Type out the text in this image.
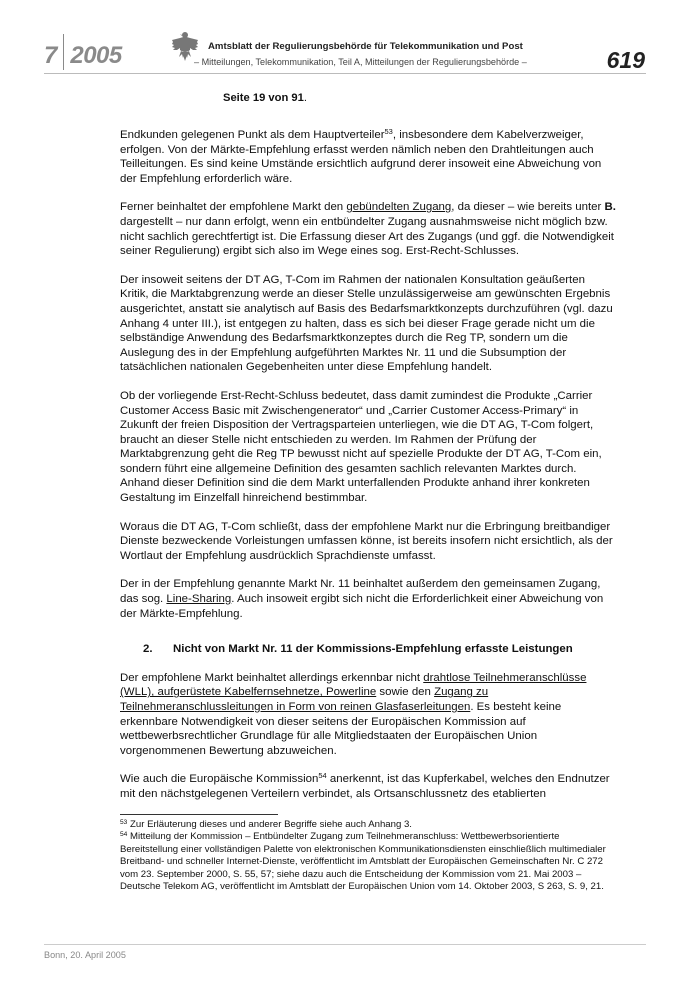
7 2005	Amtsblatt der Regulierungsbehörde für Telekommunikation und Post
– Mitteilungen, Telekommunikation, Teil A, Mitteilungen der Regulierungsbehörde –	619
Seite 19 von 91.

Endkunden gelegenen Punkt als dem Hauptverteiler$^{53}$, insbesondere dem Kabelverzweiger, erfolgen. Von der Märkte-Empfehlung erfasst werden nämlich neben den Drahtleitungen auch Teilleitungen. Es sind keine Umstände ersichtlich aufgrund derer insoweit eine Abweichung von der Empfehlung erforderlich wäre.

Ferner beinhaltet der empfohlene Markt den gebündelten Zugang, da dieser – wie bereits unter B. dargestellt – nur dann erfolgt, wenn ein entbündelter Zugang ausnahmsweise nicht möglich bzw. nicht sachlich gerechtfertigt ist. Die Erfassung dieser Art des Zugangs (und ggf. die Notwendigkeit seiner Regulierung) ergibt sich also im Wege eines sog. Erst-Recht-Schlusses.

Der insoweit seitens der DT AG, T-Com im Rahmen der nationalen Konsultation geäußerten Kritik, die Marktabgrenzung werde an dieser Stelle unzulässigerweise am gewünschten Ergebnis ausgerichtet, anstatt sie analytisch auf Basis des Bedarfsmarktkonzepts durchzuführen (vgl. dazu Anhang 4 unter III.), ist entgegen zu halten, dass es sich bei dieser Frage gerade nicht um die selbständige Anwendung des Bedarfsmarktkonzeptes durch die Reg TP, sondern um die Auslegung des in der Empfehlung aufgeführten Marktes Nr. 11 und die Subsumption der tatsächlichen nationalen Gegebenheiten unter diese Empfehlung handelt.

Ob der vorliegende Erst-Recht-Schluss bedeutet, dass damit zumindest die Produkte „Carrier Customer Access Basic mit Zwischengenerator“ und „Carrier Customer Access-Primary“ in Zukunft der freien Disposition der Vertragsparteien unterliegen, wie die DT AG, T-Com folgert, braucht an dieser Stelle nicht entschieden zu werden. Im Rahmen der Prüfung der Marktabgrenzung geht die Reg TP bewusst nicht auf spezielle Produkte der DT AG, T-Com ein, sondern führt eine allgemeine Definition des gesamten sachlich relevanten Marktes durch. Anhand dieser Definition sind die dem Markt unterfallenden Produkte anhand ihrer konkreten Gestaltung im Einzelfall hinreichend bestimmbar.

Woraus die DT AG, T-Com schließt, dass der empfohlene Markt nur die Erbringung breitbandiger Dienste bezweckende Vorleistungen umfassen könne, ist bereits insofern nicht ersichtlich, als der Wortlaut der Empfehlung ausdrücklich Sprachdienste umfasst.

Der in der Empfehlung genannte Markt Nr. 11 beinhaltet außerdem den gemeinsamen Zugang, das sog. Line-Sharing. Auch insoweit ergibt sich nicht die Erforderlichkeit einer Abweichung von der Märkte-Empfehlung.

2.	Nicht von Markt Nr. 11 der Kommissions-Empfehlung erfasste Leistungen

Der empfohlene Markt beinhaltet allerdings erkennbar nicht drahtlose Teilnehmeranschlüsse (WLL), aufgerüstete Kabelfernsehnetze, Powerline sowie den Zugang zu Teilnehmeranschlussleitungen in Form von reinen Glasfaserleitungen. Es besteht keine erkennbare Notwendigkeit von dieser seitens der Europäischen Kommission auf wettbewerbsrechtlicher Grundlage für alle Mitgliedstaaten der Europäischen Union vorgenommenen Bewertung abzuweichen.

Wie auch die Europäische Kommission$^{54}$ anerkennt, ist das Kupferkabel, welches den Endnutzer mit den nächstgelegenen Verteilern verbindet, als Ortsanschlussnetz des etablierten

$^{53}$ Zur Erläuterung dieses und anderer Begriffe siehe auch Anhang 3.
$^{54}$ Mitteilung der Kommission – Entbündelter Zugang zum Teilnehmeranschluss: Wettbewerbsorientierte Bereitstellung einer vollständigen Palette von elektronischen Kommunikationsdiensten einschließlich multimedialer Breitband- und schneller Internet-Dienste, veröffentlicht im Amtsblatt der Europäischen Gemeinschaften Nr. C 272 vom 23. September 2000, S. 55, 57; siehe dazu auch die Entscheidung der Kommission vom 21. Mai 2003 – Deutsche Telekom AG, veröffentlicht im Amtsblatt der Europäischen Union vom 14. Oktober 2003, S 263, S. 9, 21.
Bonn, 20. April 2005
